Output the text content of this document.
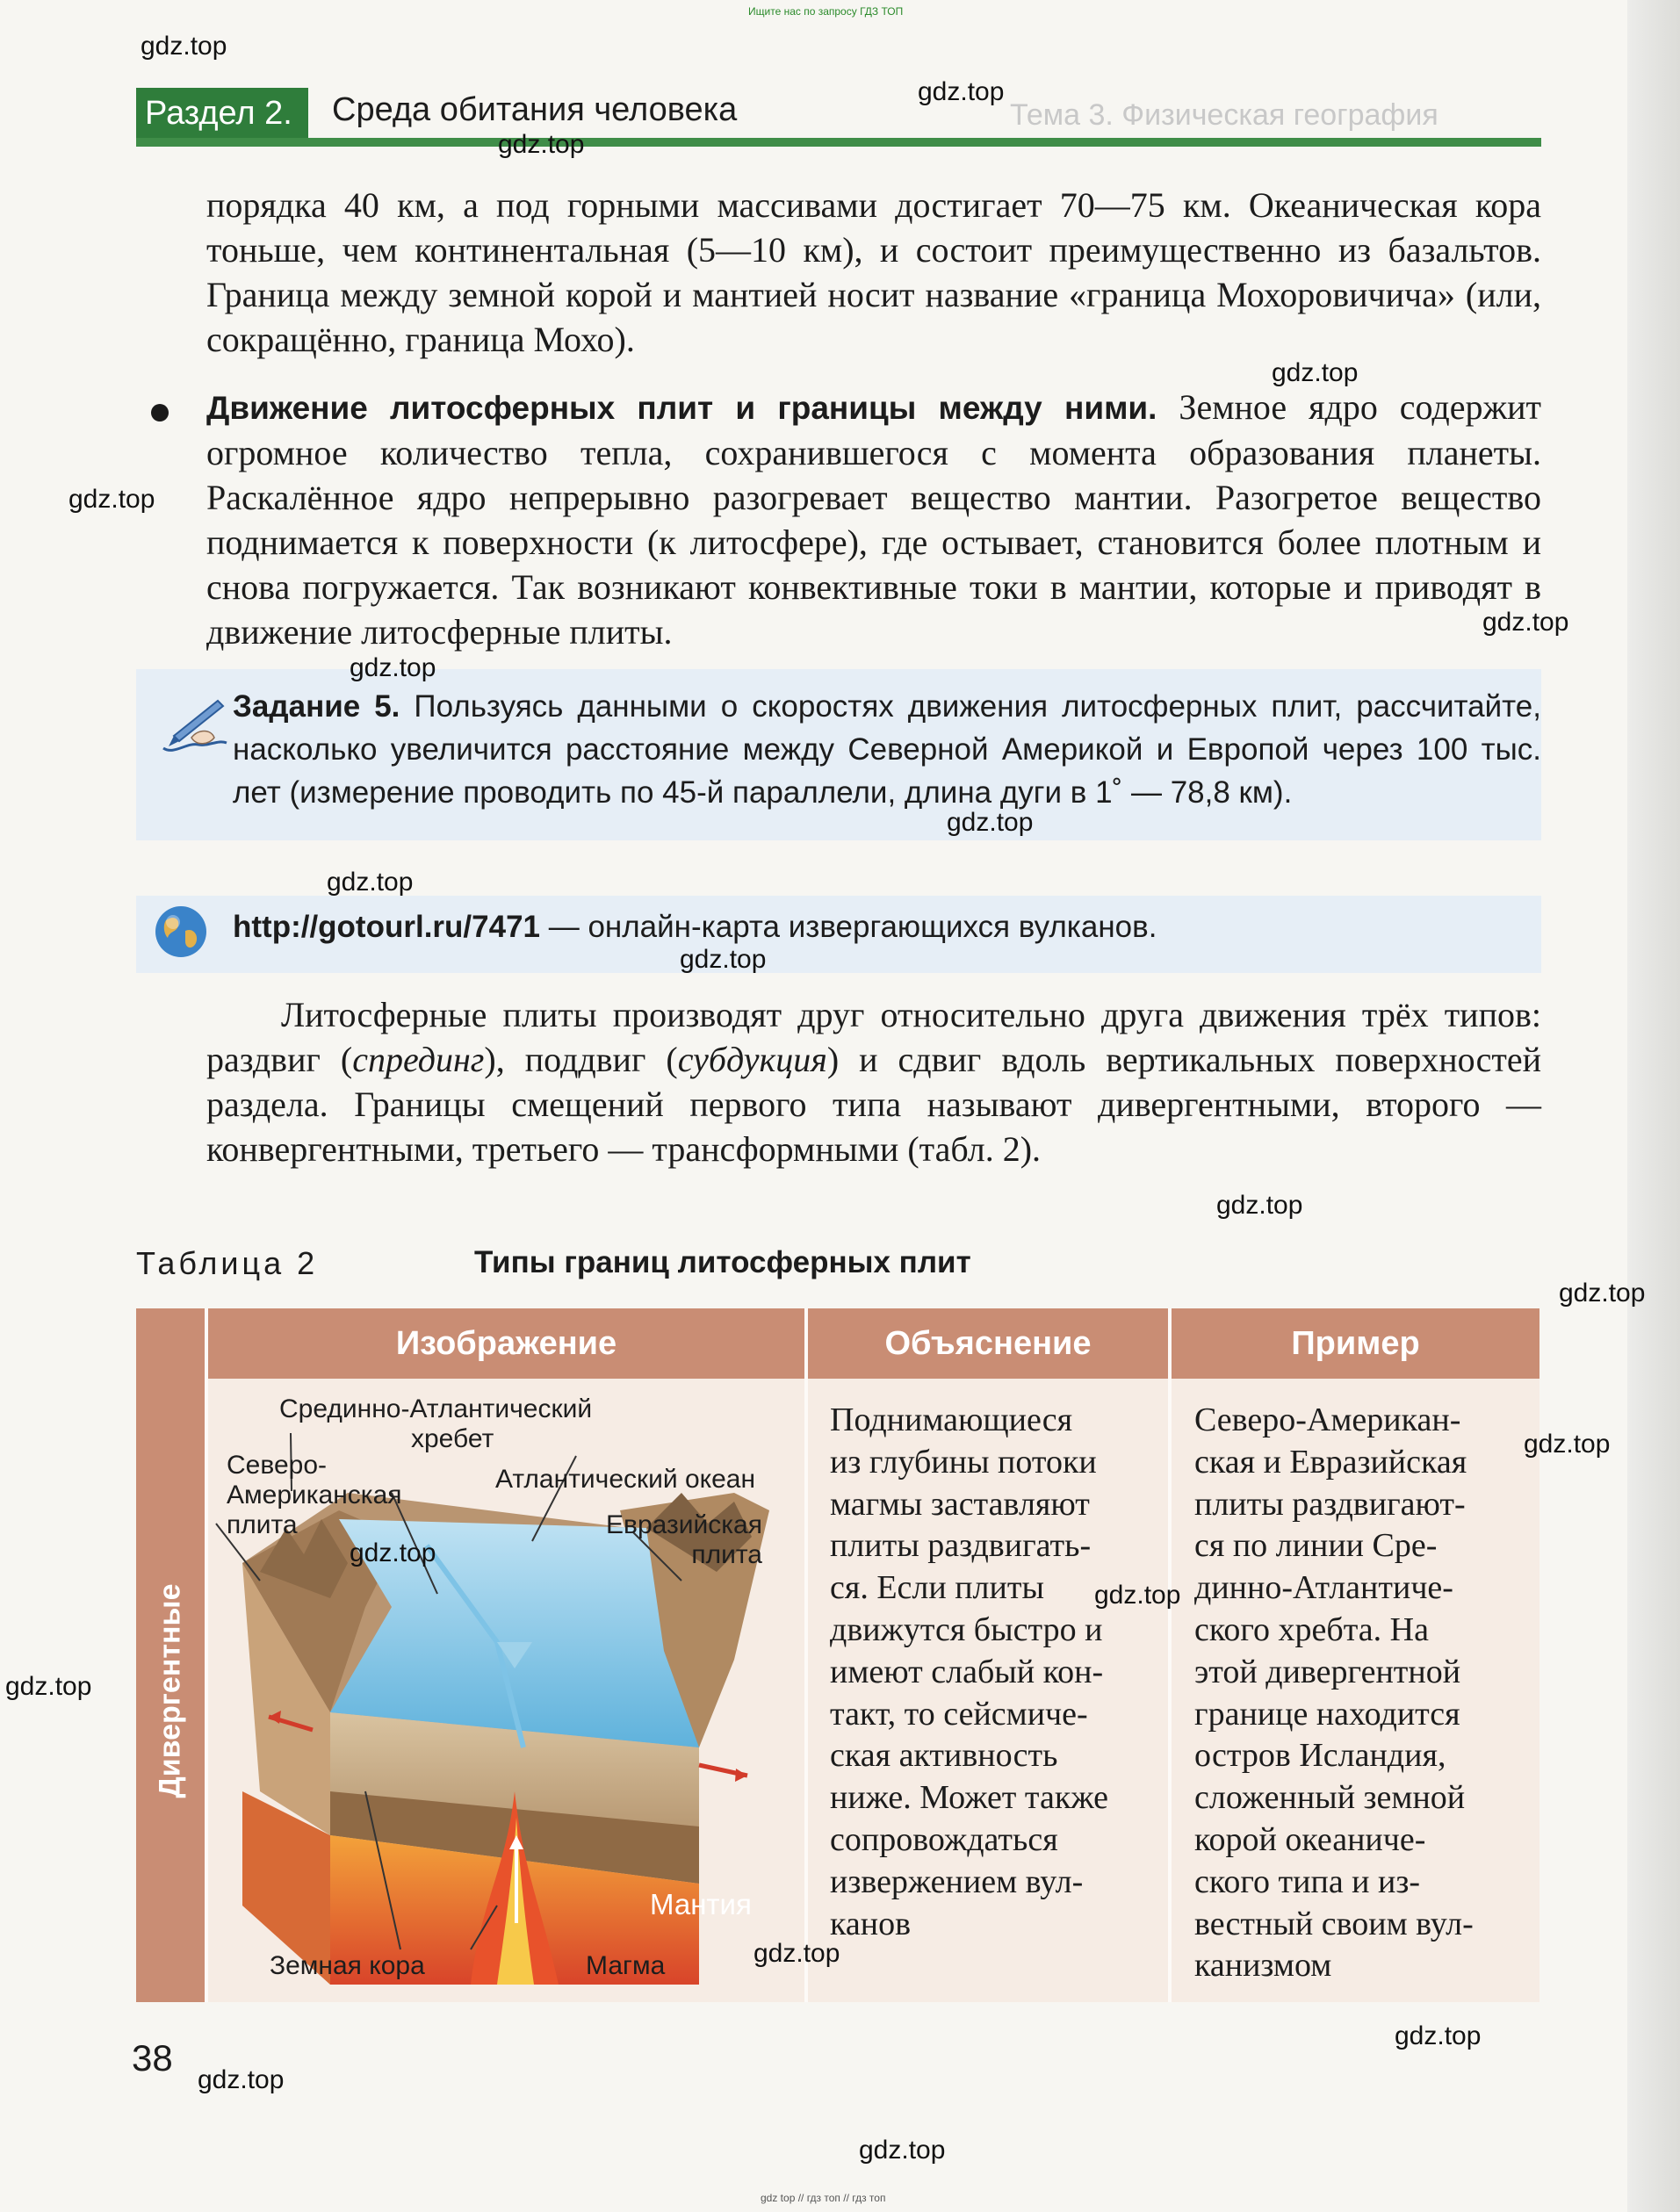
Ищите нас по запросу ГДЗ ТОП
Тема 3. Физическая география
Раздел 2.	Среда обитания человека
порядка 40 км, а под горными массивами достигает 70—75 км. Океаническая кора тоньше, чем континентальная (5—10 км), и состоит преимущественно из базальтов. Граница между земной корой и мантией носит название «граница Мохоровичича» (или, сокращённо, граница Мохо).
Движение литосферных плит и границы между ними. Земное ядро содержит огромное количество тепла, сохранившегося с момента образования планеты. Раскалённое ядро непрерывно разогревает вещество мантии. Разогретое вещество поднимается к поверхности (к литосфере), где остывает, становится более плотным и снова погружается. Так возникают конвективные токи в мантии, которые и приводят в движение литосферные плиты.
Задание 5. Пользуясь данными о скоростях движения литосферных плит, рассчитайте, насколько увеличится расстояние между Северной Америкой и Европой через 100 тыс. лет (измерение проводить по 45-й параллели, длина дуги в 1˚ — 78,8 км).
http://gotourl.ru/7471 — онлайн-карта извергающихся вулканов.
Литосферные плиты производят друг относительно друга движения трёх типов: раздвиг (спрединг), поддвиг (субдукция) и сдвиг вдоль вертикальных поверхностей раздела. Границы смещений первого типа называют дивергентными, второго — конвергентными, третьего — трансформными (табл. 2).
Таблица 2	Типы границ литосферных плит
Изображение	Объяснение	Пример
Дивергентные
Срединно-Атлантический
хребет
Северо-
Американская
плита
Атлантический океан
Евразийская
плита
Мантия
Земная кора	Магма
Поднимающиеся
из глубины потоки
магмы заставляют
плиты раздвигать-
ся. Если плиты
движутся быстро и
имеют слабый кон-
такт, то сейсмиче-
ская активность
ниже. Может также
сопровождаться
извержением вул-
канов
Северо-Американ-
ская и Евразийская
плиты раздвигают-
ся по линии Сре-
динно-Атлантиче-
ского хребта. На
этой дивергентной
границе находится
остров Исландия,
сложенный земной
корой океаниче-
ского типа и из-
вестный своим вул-
канизмом
38
gdz.top
gdz.top
gdz.top
gdz.top
gdz.top
gdz.top
gdz.top
gdz.top
gdz.top
gdz.top
gdz.top
gdz.top
gdz.top
gdz.top
gdz.top
gdz.top
gdz.top
gdz.top
gdz.top
gdz.top
gdz top // гдз топ // гдз топ
